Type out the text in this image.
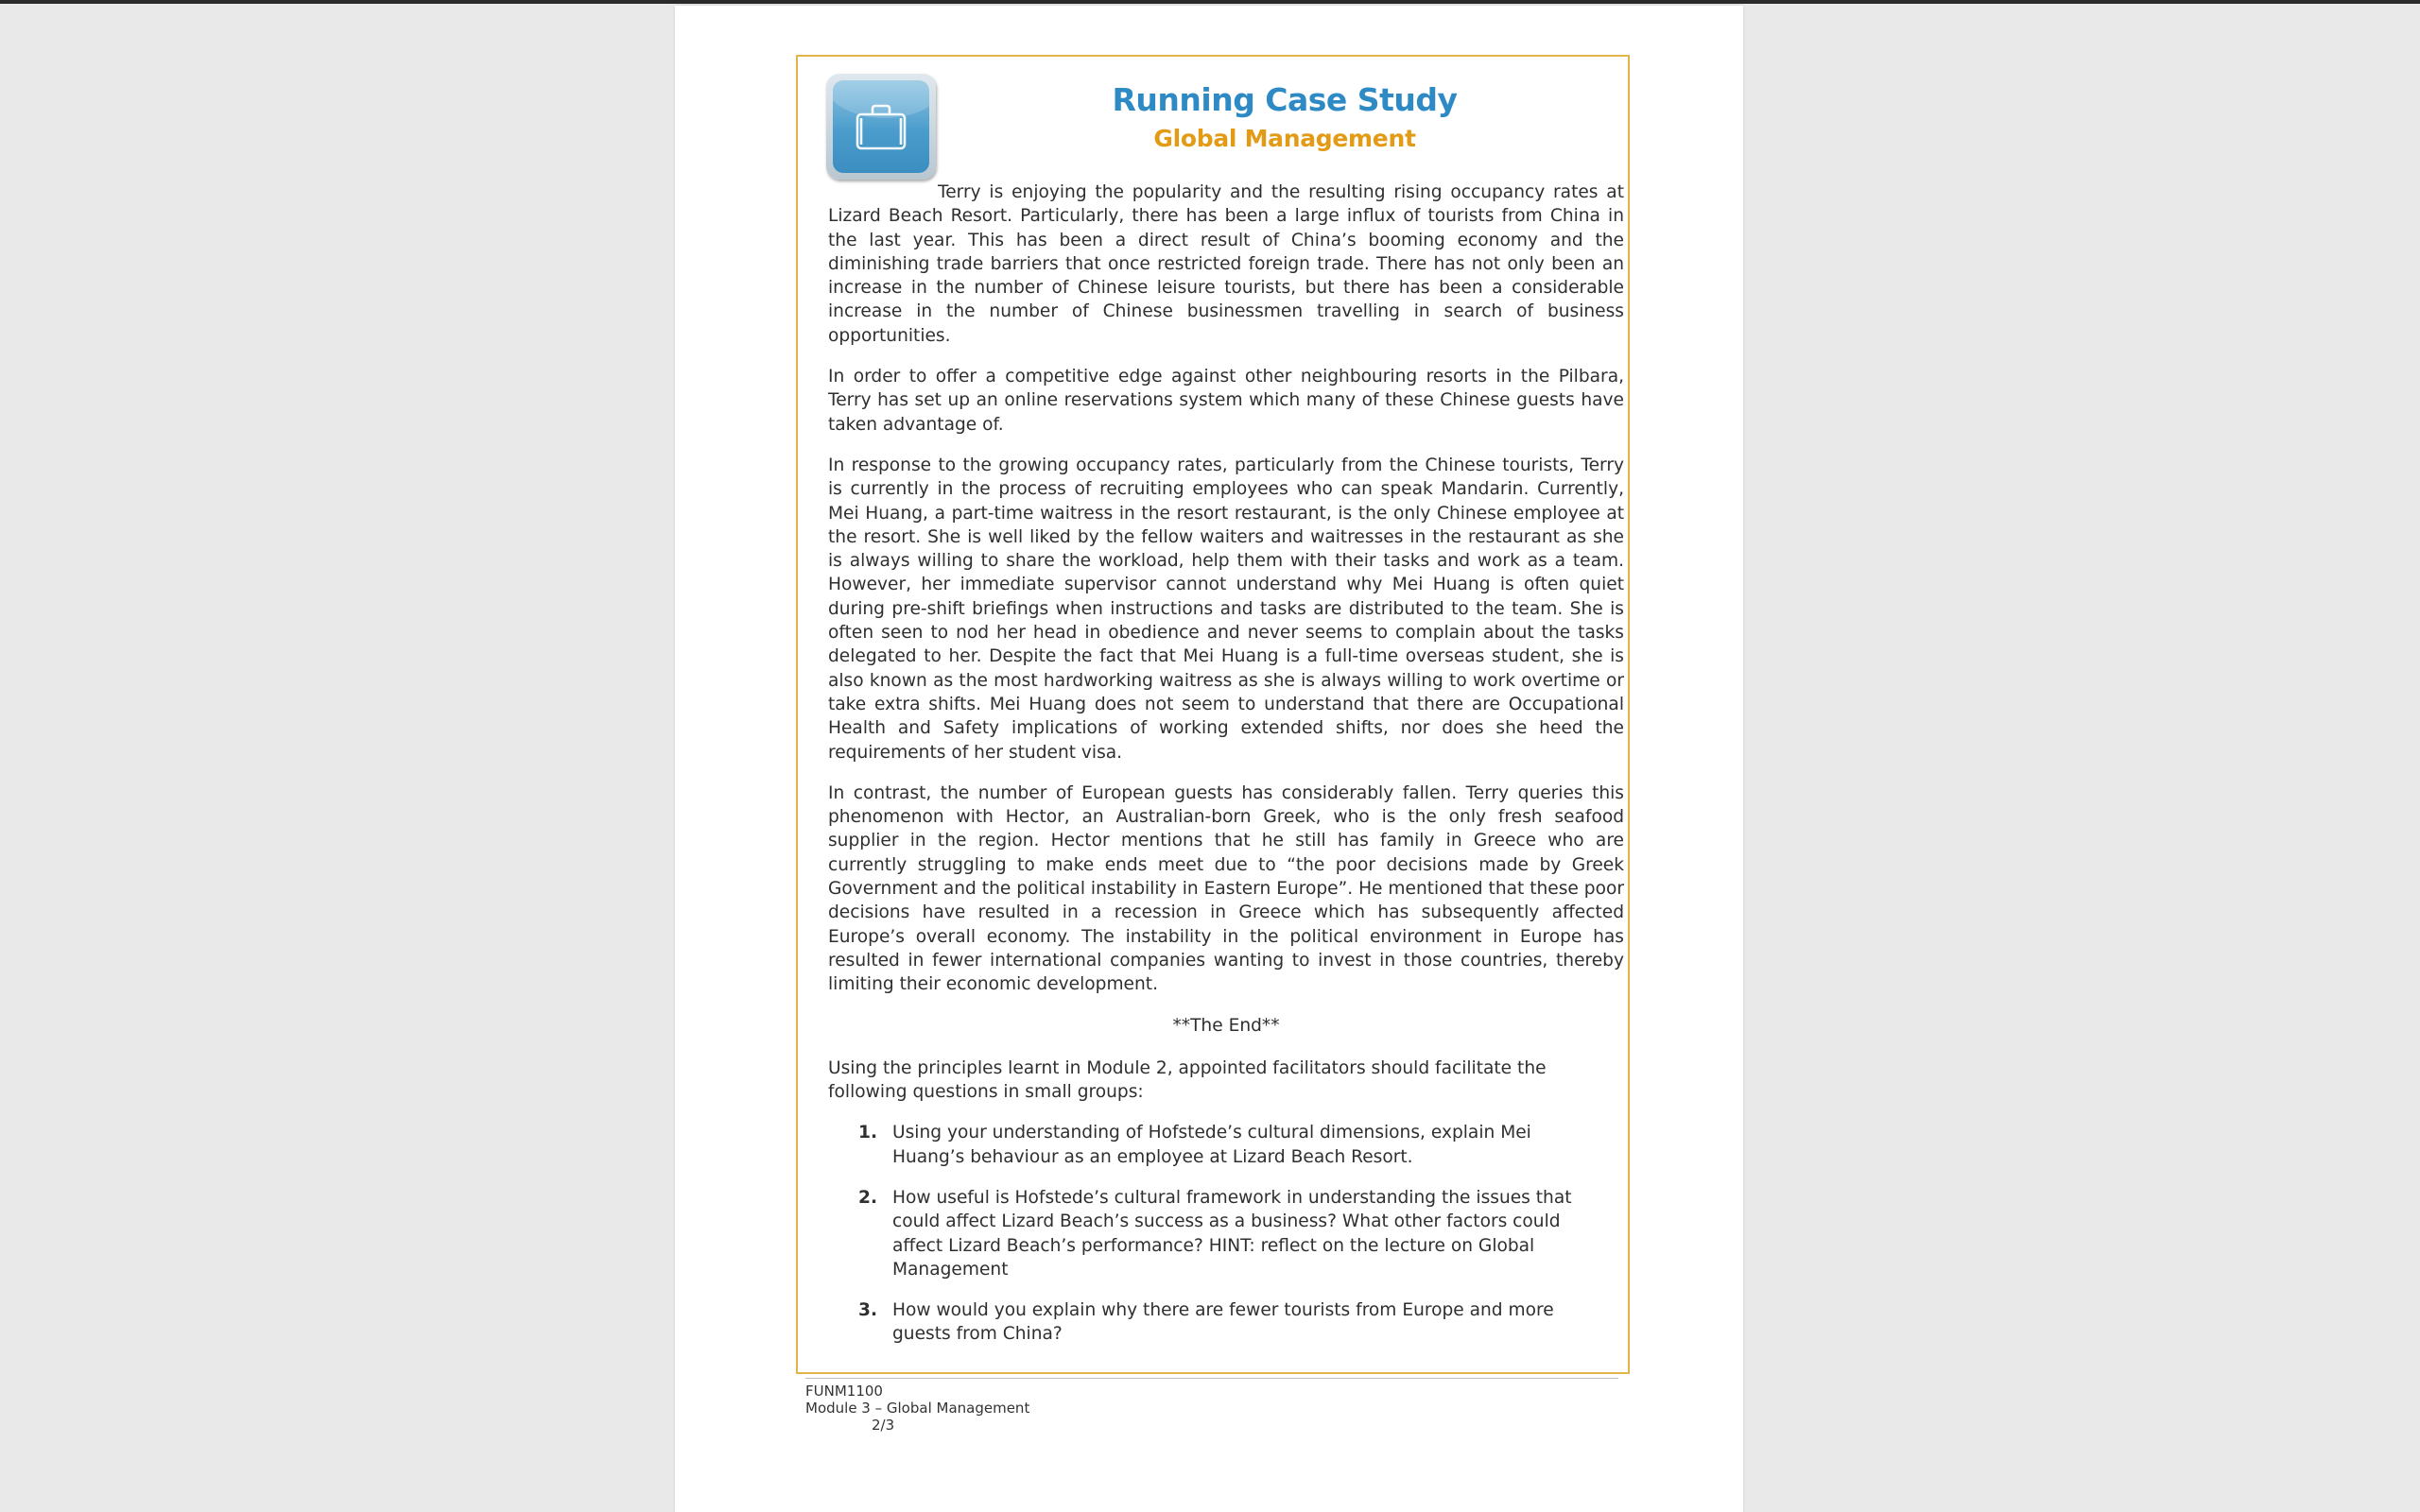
Running Case Study
Global Management

Terry is enjoying the popularity and the resulting rising occupancy rates at Lizard Beach Resort. Particularly, there has been a large influx of tourists from China in the last year. This has been a direct result of China’s booming economy and the diminishing trade barriers that once restricted foreign trade. There has not only been an increase in the number of Chinese leisure tourists, but there has been a considerable increase in the number of Chinese businessmen travelling in search of business opportunities.

In order to offer a competitive edge against other neighbouring resorts in the Pilbara, Terry has set up an online reservations system which many of these Chinese guests have taken advantage of.

In response to the growing occupancy rates, particularly from the Chinese tourists, Terry is currently in the process of recruiting employees who can speak Mandarin. Currently, Mei Huang, a part-time waitress in the resort restaurant, is the only Chinese employee at the resort. She is well liked by the fellow waiters and waitresses in the restaurant as she is always willing to share the workload, help them with their tasks and work as a team. However, her immediate supervisor cannot understand why Mei Huang is often quiet during pre-shift briefings when instructions and tasks are distributed to the team. She is often seen to nod her head in obedience and never seems to complain about the tasks delegated to her. Despite the fact that Mei Huang is a full-time overseas student, she is also known as the most hardworking waitress as she is always willing to work overtime or take extra shifts. Mei Huang does not seem to understand that there are Occupational Health and Safety implications of working extended shifts, nor does she heed the requirements of her student visa.

In contrast, the number of European guests has considerably fallen. Terry queries this phenomenon with Hector, an Australian-born Greek, who is the only fresh seafood supplier in the region. Hector mentions that he still has family in Greece who are currently struggling to make ends meet due to “the poor decisions made by Greek Government and the political instability in Eastern Europe”. He mentioned that these poor decisions have resulted in a recession in Greece which has subsequently affected Europe’s overall economy. The instability in the political environment in Europe has resulted in fewer international companies wanting to invest in those countries, thereby limiting their economic development.

**The End**

Using the principles learnt in Module 2, appointed facilitators should facilitate the following questions in small groups:

1. Using your understanding of Hofstede’s cultural dimensions, explain Mei Huang’s behaviour as an employee at Lizard Beach Resort.
2. How useful is Hofstede’s cultural framework in understanding the issues that could affect Lizard Beach’s success as a business? What other factors could affect Lizard Beach’s performance? HINT: reflect on the lecture on Global Management
3. How would you explain why there are fewer tourists from Europe and more guests from China?
FUNM1100
Module 3 – Global Management
2/3
